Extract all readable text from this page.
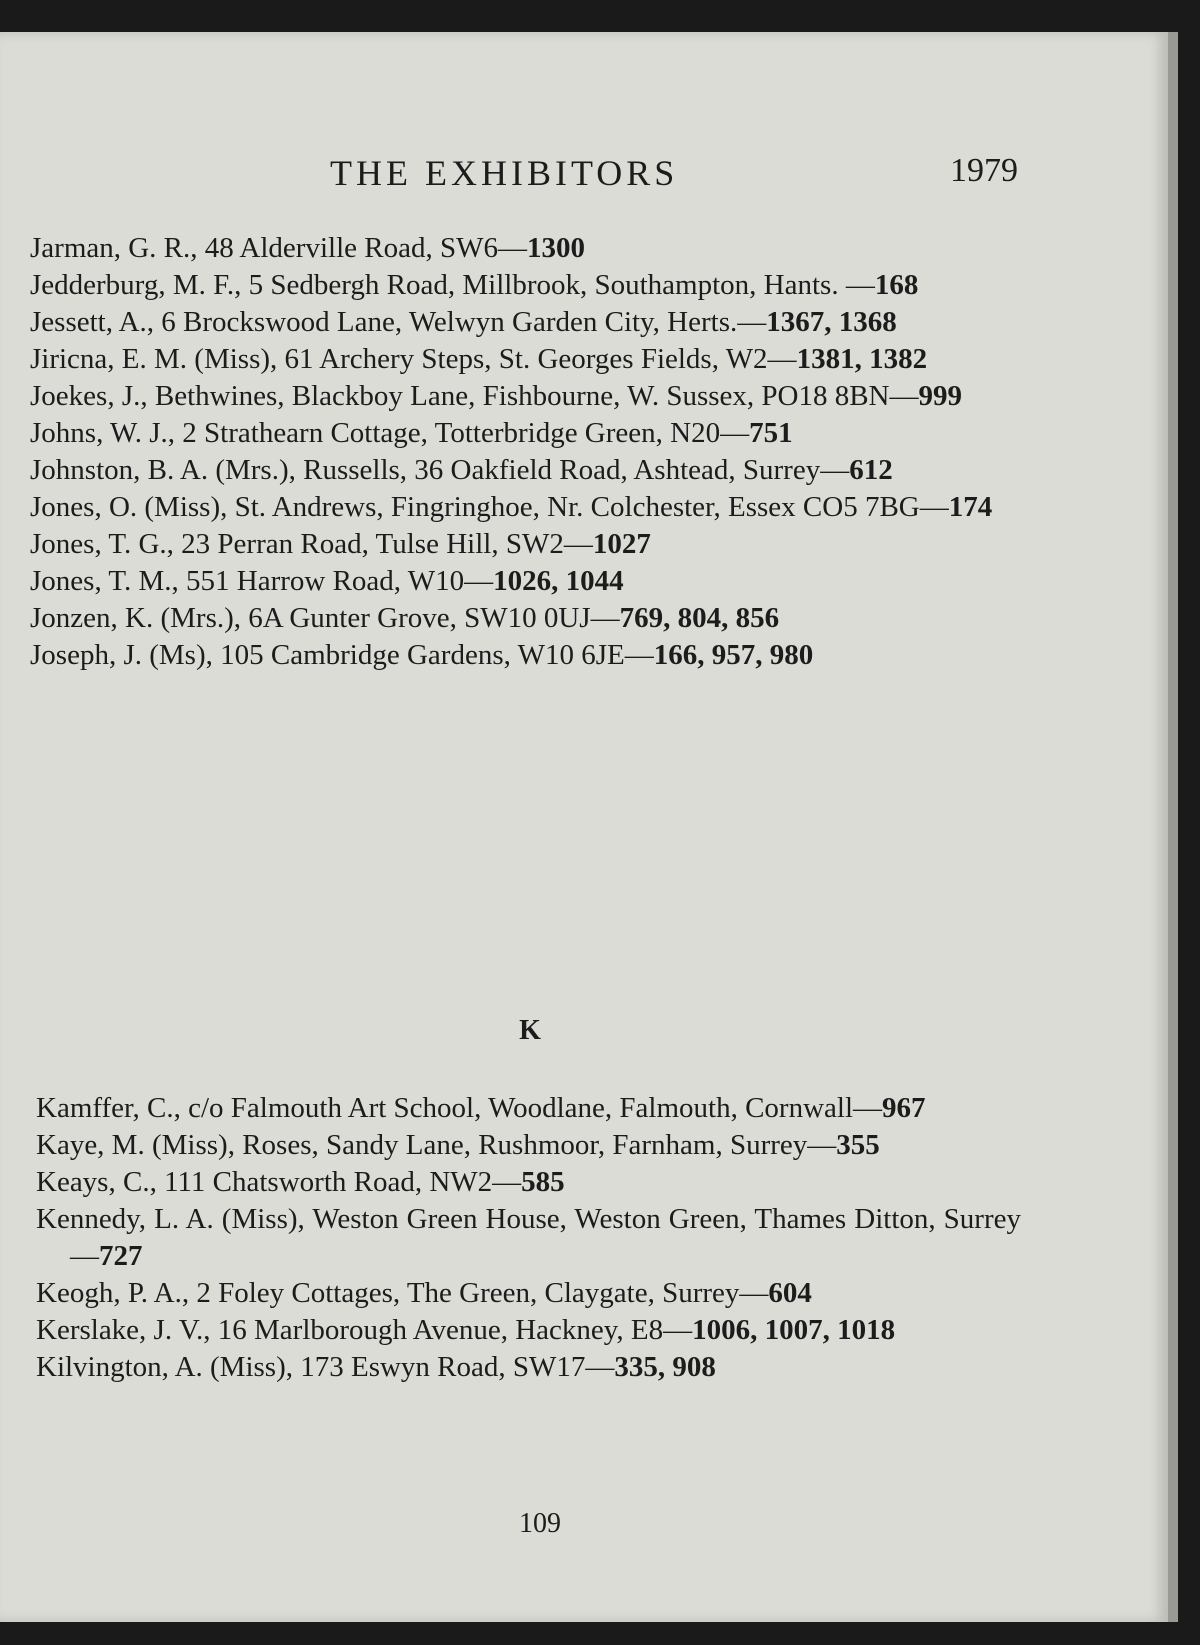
THE EXHIBITORS	1979
Jarman, G. R., 48 Alderville Road, SW6—1300
Jedderburg, M. F., 5 Sedbergh Road, Millbrook, Southampton, Hants. —168
Jessett, A., 6 Brockswood Lane, Welwyn Garden City, Herts.—1367, 1368
Jiricna, E. M. (Miss), 61 Archery Steps, St. Georges Fields, W2—1381, 1382
Joekes, J., Bethwines, Blackboy Lane, Fishbourne, W. Sussex, PO18 8BN—999
Johns, W. J., 2 Strathearn Cottage, Totterbridge Green, N20—751
Johnston, B. A. (Mrs.), Russells, 36 Oakfield Road, Ashtead, Surrey—612
Jones, O. (Miss), St. Andrews, Fingringhoe, Nr. Colchester, Essex CO5 7BG—174
Jones, T. G., 23 Perran Road, Tulse Hill, SW2—1027
Jones, T. M., 551 Harrow Road, W10—1026, 1044
Jonzen, K. (Mrs.), 6A Gunter Grove, SW10 0UJ—769, 804, 856
Joseph, J. (Ms), 105 Cambridge Gardens, W10 6JE—166, 957, 980
K
Kamffer, C., c/o Falmouth Art School, Woodlane, Falmouth, Cornwall—967
Kaye, M. (Miss), Roses, Sandy Lane, Rushmoor, Farnham, Surrey—355
Keays, C., 111 Chatsworth Road, NW2—585
Kennedy, L. A. (Miss), Weston Green House, Weston Green, Thames Ditton, Surrey—727
Keogh, P. A., 2 Foley Cottages, The Green, Claygate, Surrey—604
Kerslake, J. V., 16 Marlborough Avenue, Hackney, E8—1006, 1007, 1018
Kilvington, A. (Miss), 173 Eswyn Road, SW17—335, 908
109
